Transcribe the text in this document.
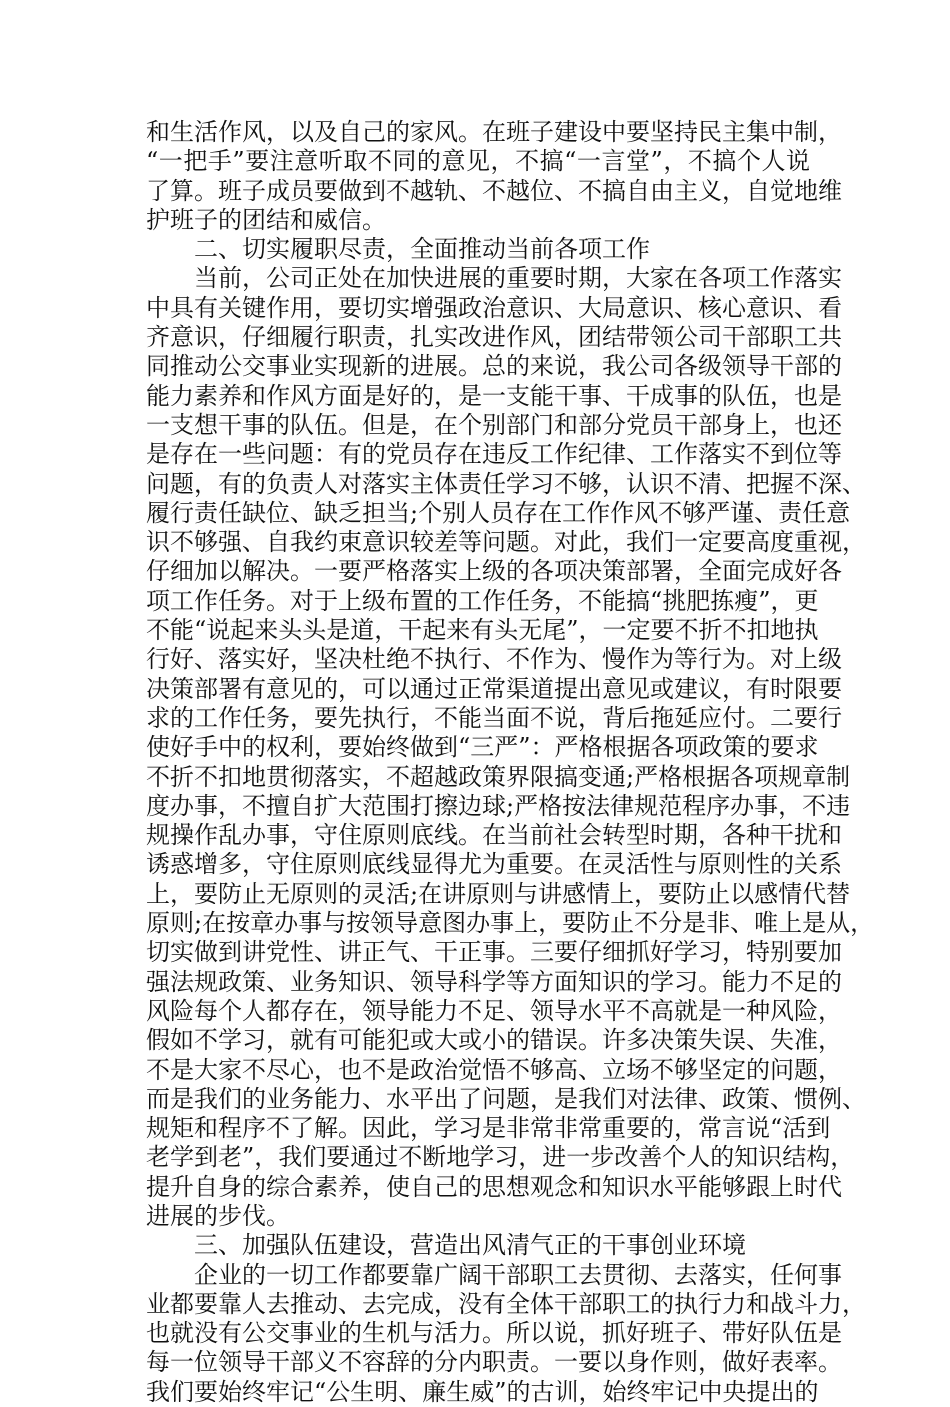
和生活作风，以及自己的家风。在班子建设中要坚持民主集中制，
“一把手”要注意听取不同的意见，不搞“一言堂”，不搞个人说
了算。班子成员要做到不越轨、不越位、不搞自由主义，自觉地维
护班子的团结和威信。
二、切实履职尽责，全面推动当前各项工作
当前，公司正处在加快进展的重要时期，大家在各项工作落实
中具有关键作用，要切实增强政治意识、大局意识、核心意识、看
齐意识，仔细履行职责，扎实改进作风，团结带领公司干部职工共
同推动公交事业实现新的进展。总的来说，我公司各级领导干部的
能力素养和作风方面是好的，是一支能干事、干成事的队伍，也是
一支想干事的队伍。但是，在个别部门和部分党员干部身上，也还
是存在一些问题：有的党员存在违反工作纪律、工作落实不到位等
问题，有的负责人对落实主体责任学习不够，认识不清、把握不深、
履行责任缺位、缺乏担当;个别人员存在工作作风不够严谨、责任意
识不够强、自我约束意识较差等问题。对此，我们一定要高度重视，
仔细加以解决。一要严格落实上级的各项决策部署，全面完成好各
项工作任务。对于上级布置的工作任务，不能搞“挑肥拣瘦”，更
不能“说起来头头是道，干起来有头无尾”，一定要不折不扣地执
行好、落实好，坚决杜绝不执行、不作为、慢作为等行为。对上级
决策部署有意见的，可以通过正常渠道提出意见或建议，有时限要
求的工作任务，要先执行，不能当面不说，背后拖延应付。二要行
使好手中的权利，要始终做到“三严”：严格根据各项政策的要求
不折不扣地贯彻落实，不超越政策界限搞变通;严格根据各项规章制
度办事，不擅自扩大范围打擦边球;严格按法律规范程序办事，不违
规操作乱办事，守住原则底线。在当前社会转型时期，各种干扰和
诱惑增多，守住原则底线显得尤为重要。在灵活性与原则性的关系
上，要防止无原则的灵活;在讲原则与讲感情上，要防止以感情代替
原则;在按章办事与按领导意图办事上，要防止不分是非、唯上是从，
切实做到讲党性、讲正气、干正事。三要仔细抓好学习，特别要加
强法规政策、业务知识、领导科学等方面知识的学习。能力不足的
风险每个人都存在，领导能力不足、领导水平不高就是一种风险，
假如不学习，就有可能犯或大或小的错误。许多决策失误、失准，
不是大家不尽心，也不是政治觉悟不够高、立场不够坚定的问题，
而是我们的业务能力、水平出了问题，是我们对法律、政策、惯例、
规矩和程序不了解。因此，学习是非常非常重要的，常言说“活到
老学到老”，我们要通过不断地学习，进一步改善个人的知识结构，
提升自身的综合素养，使自己的思想观念和知识水平能够跟上时代
进展的步伐。
三、加强队伍建设，营造出风清气正的干事创业环境
企业的一切工作都要靠广阔干部职工去贯彻、去落实，任何事
业都要靠人去推动、去完成，没有全体干部职工的执行力和战斗力，
也就没有公交事业的生机与活力。所以说，抓好班子、带好队伍是
每一位领导干部义不容辞的分内职责。一要以身作则，做好表率。
我们要始终牢记“公生明、廉生威”的古训，始终牢记中央提出的
